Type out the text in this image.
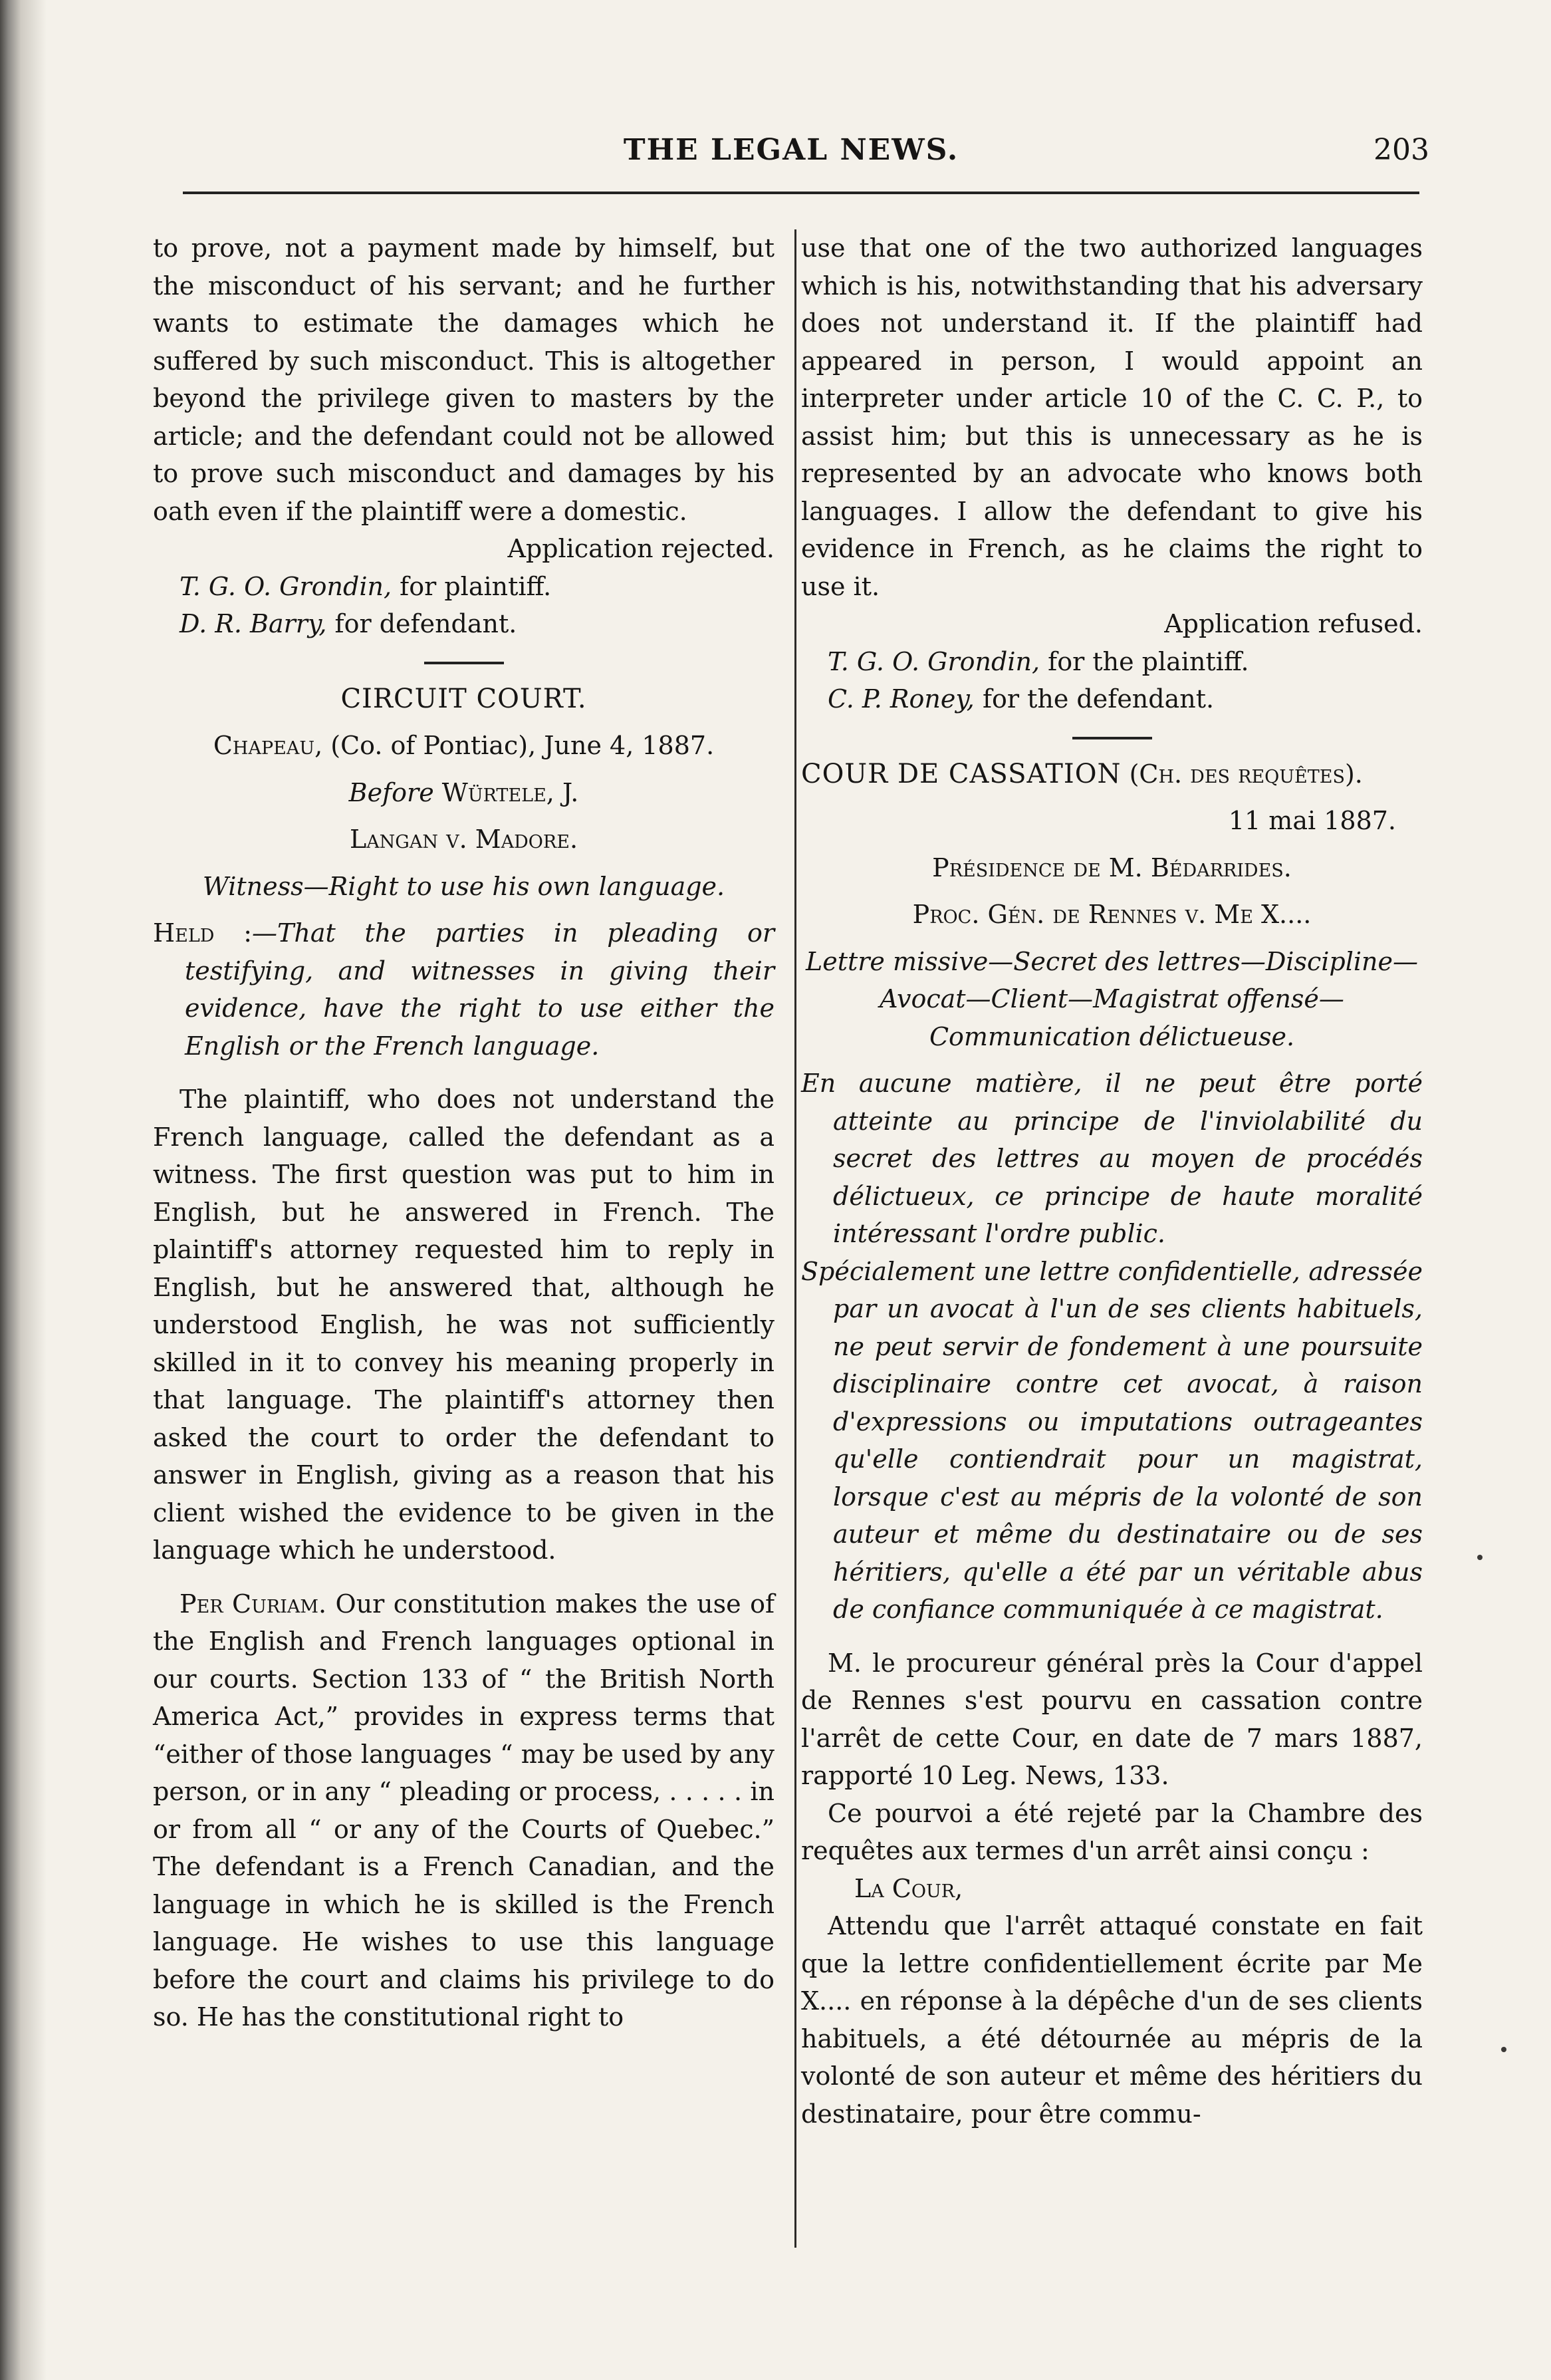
THE LEGAL NEWS.	203

to prove, not a payment made by himself, but the misconduct of his servant; and he further wants to estimate the damages which he suffered by such misconduct. This is altogether beyond the privilege given to masters by the article; and the defendant could not be allowed to prove such misconduct and damages by his oath even if the plaintiff were a domestic.

Application rejected.

T. G. O. Grondin, for plaintiff.

D. R. Barry, for defendant.

CIRCUIT COURT.

Chapeau, (Co. of Pontiac), June 4, 1887.

Before Würtele, J.

Langan v. Madore.

Witness—Right to use his own language.

Held :—That the parties in pleading or testifying, and witnesses in giving their evidence, have the right to use either the English or the French language.

The plaintiff, who does not understand the French language, called the defendant as a witness. The first question was put to him in English, but he answered in French. The plaintiff's attorney requested him to reply in English, but he answered that, although he understood English, he was not sufficiently skilled in it to convey his meaning properly in that language. The plaintiff's attorney then asked the court to order the defendant to answer in English, giving as a reason that his client wished the evidence to be given in the language which he understood.

Per Curiam. Our constitution makes the use of the English and French languages optional in our courts. Section 133 of “ the British North America Act,” provides in express terms that “either of those languages “ may be used by any person, or in any “ pleading or process, . . . . . in or from all “ or any of the Courts of Quebec.” The defendant is a French Canadian, and the language in which he is skilled is the French language. He wishes to use this language before the court and claims his privilege to do so. He has the constitutional right to

use that one of the two authorized languages which is his, notwithstanding that his adversary does not understand it. If the plaintiff had appeared in person, I would appoint an interpreter under article 10 of the C. C. P., to assist him; but this is unnecessary as he is represented by an advocate who knows both languages. I allow the defendant to give his evidence in French, as he claims the right to use it.

Application refused.

T. G. O. Grondin, for the plaintiff.

C. P. Roney, for the defendant.

COUR DE CASSATION (Ch. des requêtes).

11 mai 1887.

Présidence de M. Bédarrides.

Proc. Gén. de Rennes v. Me X....

Lettre missive—Secret des lettres—Discipline—Avocat—Client—Magistrat offensé—Communication délictueuse.

En aucune matière, il ne peut être porté atteinte au principe de l'inviolabilité du secret des lettres au moyen de procédés délictueux, ce principe de haute moralité intéressant l'ordre public.

Spécialement une lettre confidentielle, adressée par un avocat à l'un de ses clients habituels, ne peut servir de fondement à une poursuite disciplinaire contre cet avocat, à raison d'expressions ou imputations outrageantes qu'elle contiendrait pour un magistrat, lorsque c'est au mépris de la volonté de son auteur et même du destinataire ou de ses héritiers, qu'elle a été par un véritable abus de confiance communiquée à ce magistrat.

M. le procureur général près la Cour d'appel de Rennes s'est pourvu en cassation contre l'arrêt de cette Cour, en date de 7 mars 1887, rapporté 10 Leg. News, 133.

Ce pourvoi a été rejeté par la Chambre des requêtes aux termes d'un arrêt ainsi conçu :

La Cour,

Attendu que l'arrêt attaqué constate en fait que la lettre confidentiellement écrite par Me X.... en réponse à la dépêche d'un de ses clients habituels, a été détournée au mépris de la volonté de son auteur et même des héritiers du destinataire, pour être commu-
